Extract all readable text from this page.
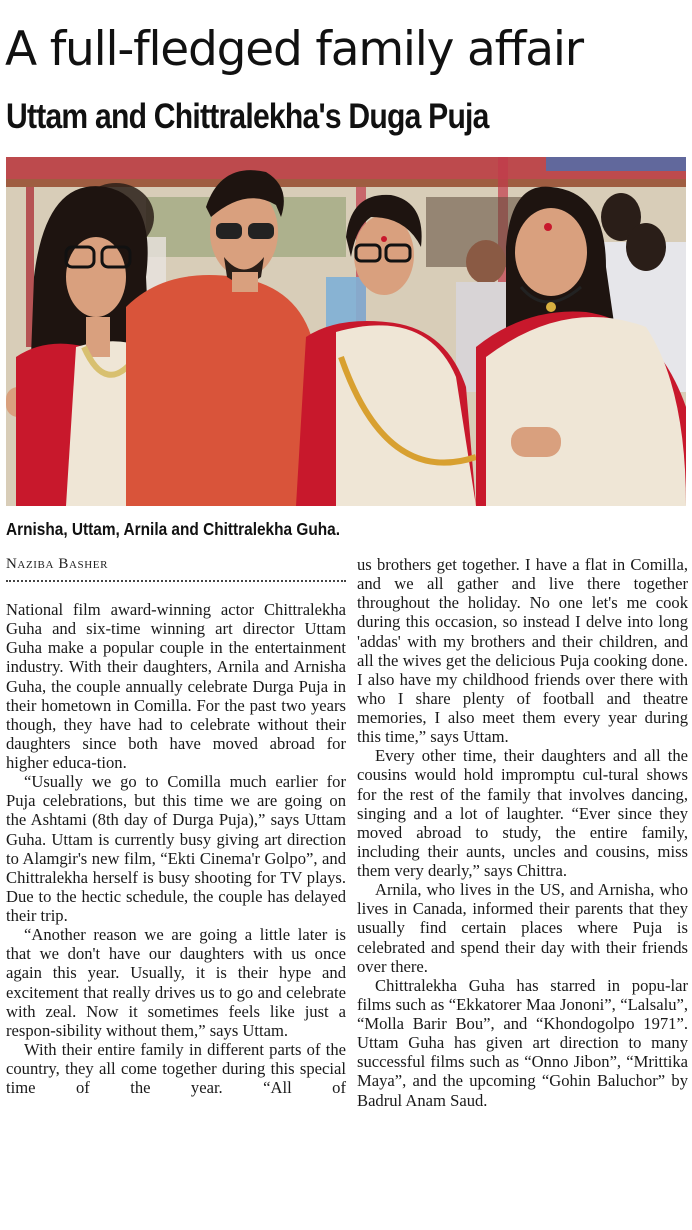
A full-fledged family affair
Uttam and Chittralekha's Duga Puja

Arnisha, Uttam, Arnila and Chittralekha Guha.

Naziba Basher

National film award-winning actor Chittralekha Guha and six-time winning art director Uttam Guha make a popular couple in the entertainment industry. With their daughters, Arnila and Arnisha Guha, the couple annually celebrate Durga Puja in their hometown in Comilla. For the past two years though, they have had to celebrate without their daughters since both have moved abroad for higher educa-tion.

“Usually we go to Comilla much earlier for Puja celebrations, but this time we are going on the Ashtami (8th day of Durga Puja),” says Uttam Guha. Uttam is currently busy giving art direction to Alamgir's new film, “Ekti Cinema'r Golpo”, and Chittralekha herself is busy shooting for TV plays. Due to the hectic schedule, the couple has delayed their trip.

“Another reason we are going a little later is that we don't have our daughters with us once again this year. Usually, it is their hype and excitement that really drives us to go and celebrate with zeal. Now it sometimes feels like just a respon-sibility without them,” says Uttam.

With their entire family in different parts of the country, they all come together during this special time of the year. “All of

us brothers get together. I have a flat in Comilla, and we all gather and live there together throughout the holiday. No one let's me cook during this occasion, so instead I delve into long 'addas' with my brothers and their children, and all the wives get the delicious Puja cooking done. I also have my childhood friends over there with who I share plenty of football and theatre memories, I also meet them every year during this time,” says Uttam.

Every other time, their daughters and all the cousins would hold impromptu cul-tural shows for the rest of the family that involves dancing, singing and a lot of laughter. “Ever since they moved abroad to study, the entire family, including their aunts, uncles and cousins, miss them very dearly,” says Chittra.

Arnila, who lives in the US, and Arnisha, who lives in Canada, informed their parents that they usually find certain places where Puja is celebrated and spend their day with their friends over there.

Chittralekha Guha has starred in popu-lar films such as “Ekkatorer Maa Jononi”, “Lalsalu”, “Molla Barir Bou”, and “Khondogolpo 1971”. Uttam Guha has given art direction to many successful films such as “Onno Jibon”, “Mrittika Maya”, and the upcoming “Gohin Baluchor” by Badrul Anam Saud.
